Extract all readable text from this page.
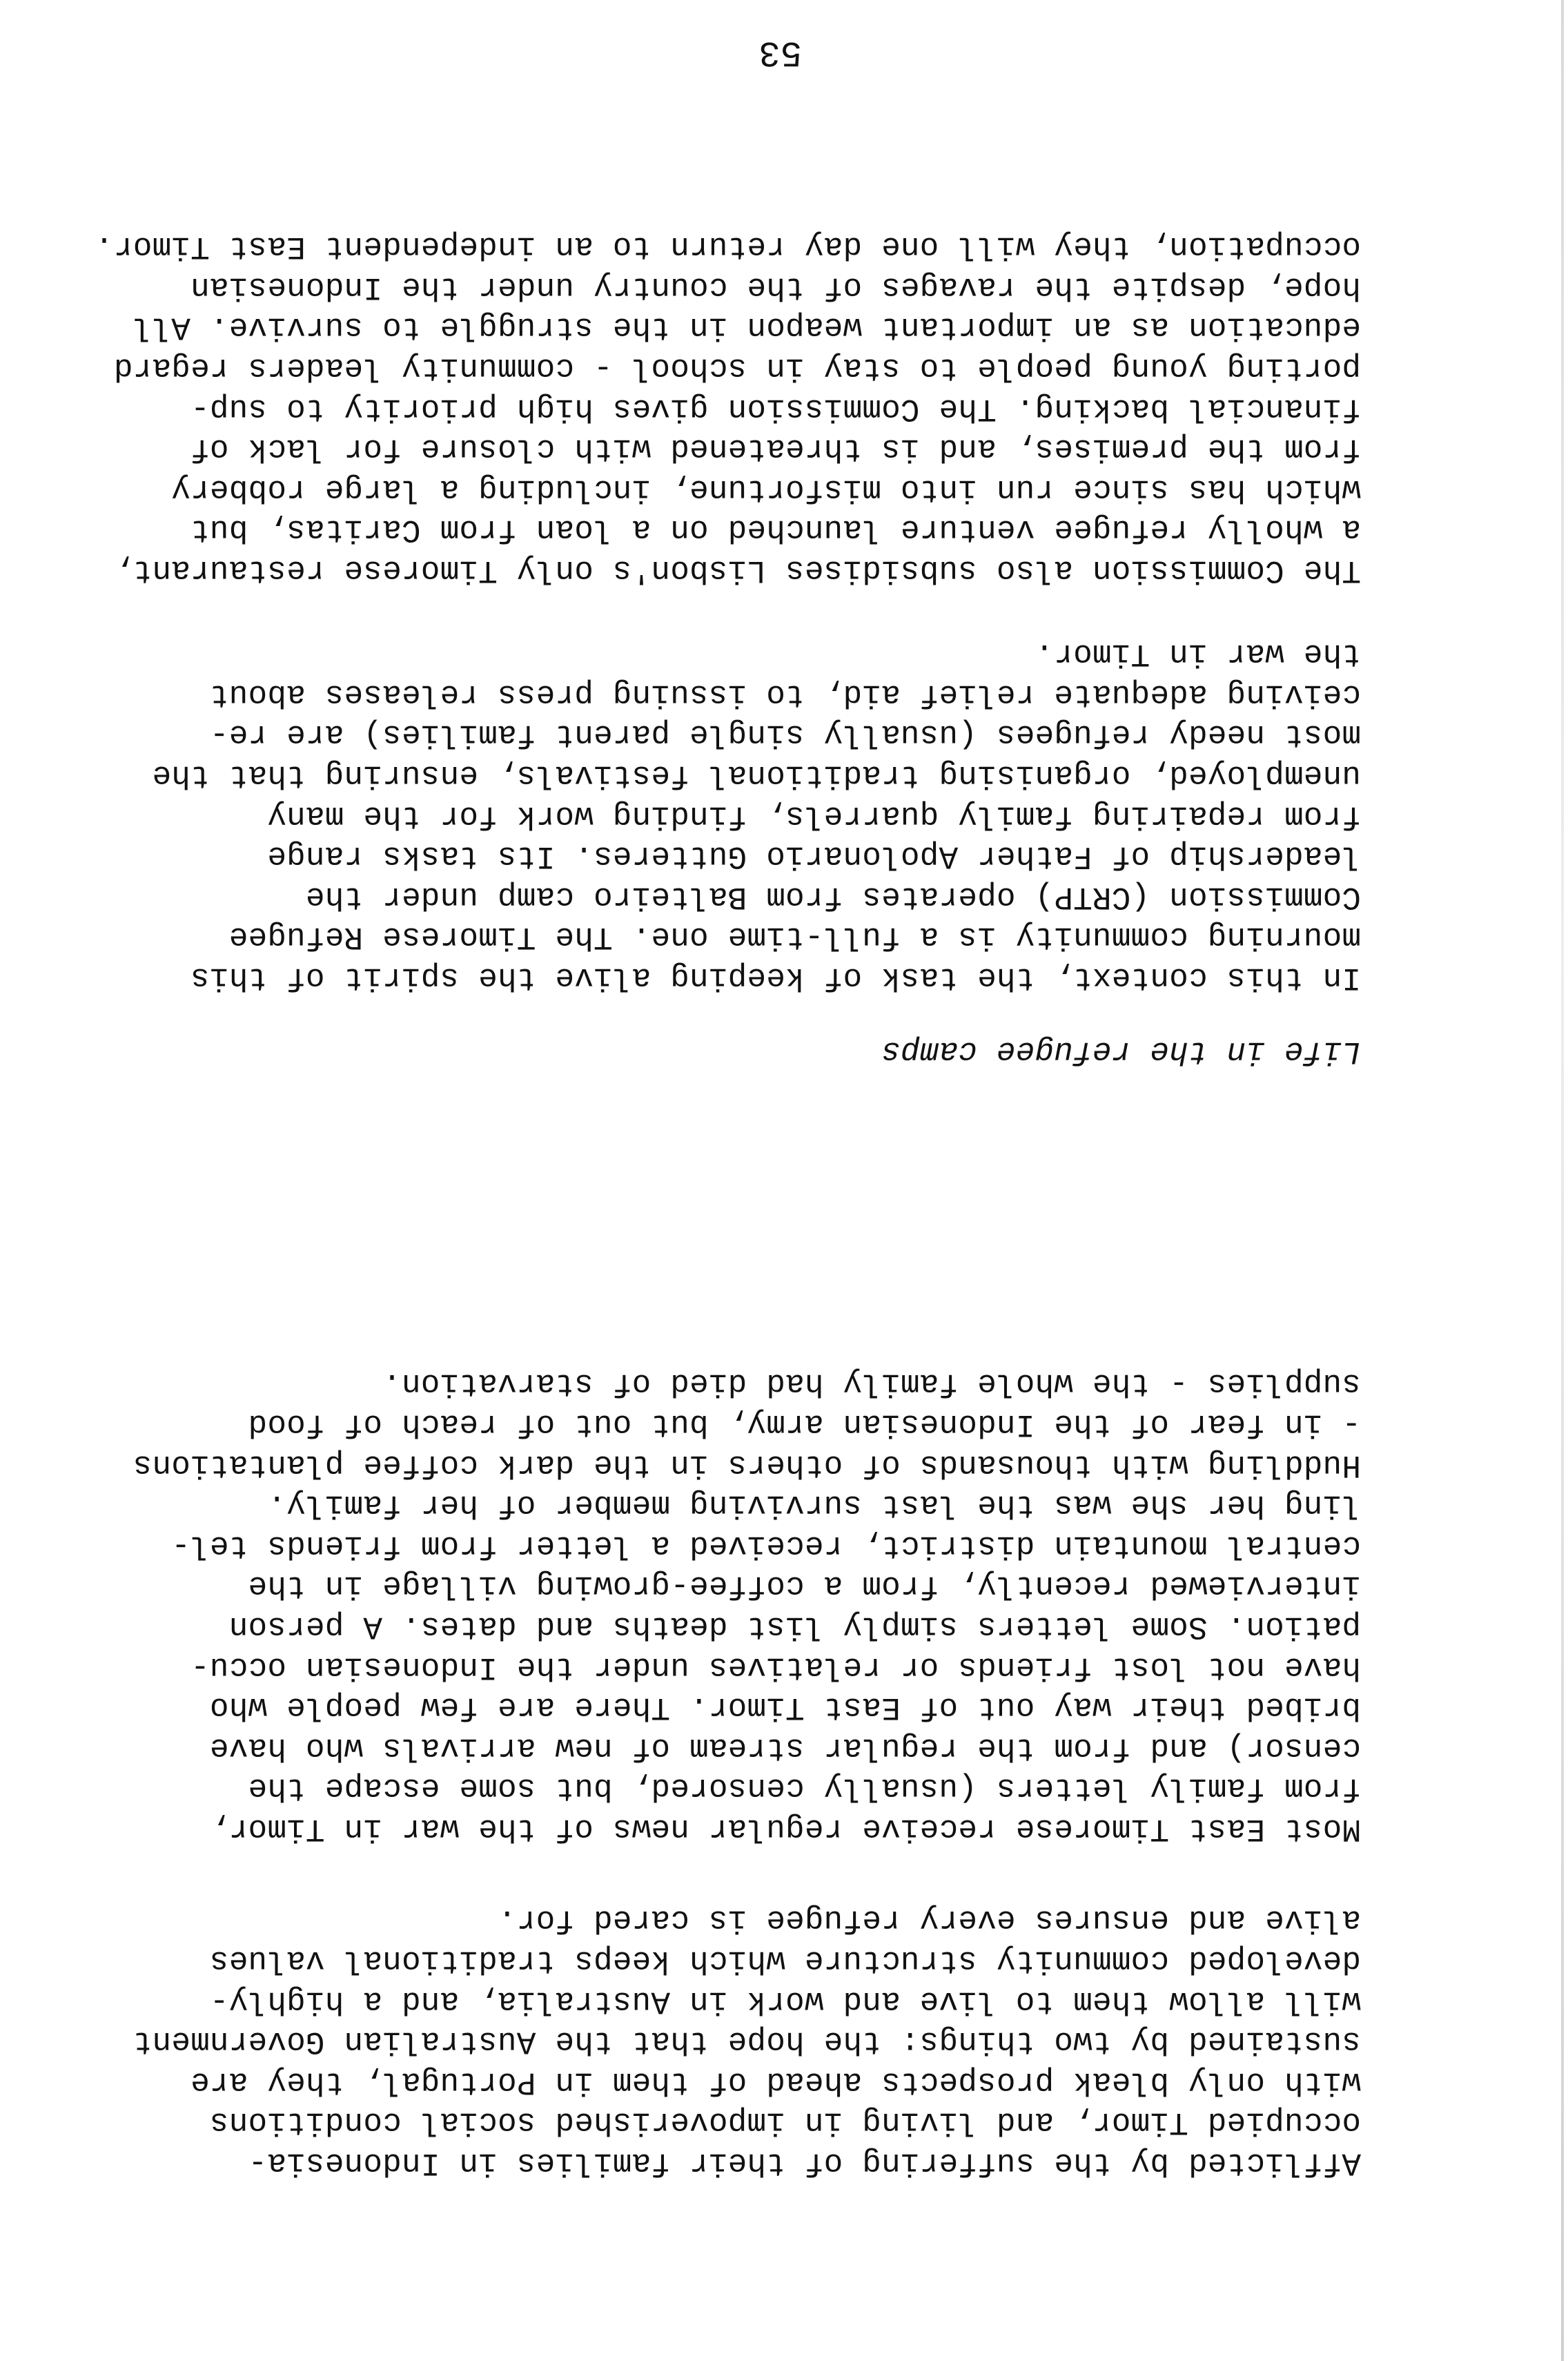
Afflicted by the suffering of their families in Indonesia-
occupied Timor, and living in impoverished social conditions
with only bleak prospects ahead of them in Portugal, they are
sustained by two things: the hope that the Australian Government
will allow them to live and work in Australia, and a highly-
developed community structure which keeps traditional values
alive and ensures every refugee is cared for.
Most East Timorese receive regular news of the war in Timor,
from family letters (usually censored, but some escape the
censor) and from the regular stream of new arrivals who have
bribed their way out of East Timor. There are few people who
have not lost friends or relatives under the Indonesian occu-
pation. Some letters simply list deaths and dates. A person
interviewed recently, from a coffee-growing village in the
central mountain district, received a letter from friends tel-
ling her she was the last surviving member of her family.
Huddling with thousands of others in the dark coffee plantations
- in fear of the Indonesian army, but out of reach of food
supplies - the whole family had died of starvation.
Life in the refugee camps
In this context, the task of keeping alive the spirit of this
mourning community is a full-time one. The Timorese Refugee
Commission (CRTP) operates from Balteiro camp under the
leadership of Father Apolonario Gutteres. Its tasks range
from repairing family quarrels, finding work for the many
unemployed, organising traditional festivals, ensuring that the
most needy refugees (usually single parent families) are re-
ceiving adequate relief aid, to issuing press releases about
the war in Timor.
The Commission also subsidises Lisbon's only Timorese restaurant,
a wholly refugee venture launched on a loan from Caritas, but
which has since run into misfortune, including a large robbery
from the premises, and is threatened with closure for lack of
financial backing. The Commission gives high priority to sup-
porting young people to stay in school - community leaders regard
education as an important weapon in the struggle to survive. All
hope, despite the ravages of the country under the Indonesian
occupation, they will one day return to an independent East Timor.
53
